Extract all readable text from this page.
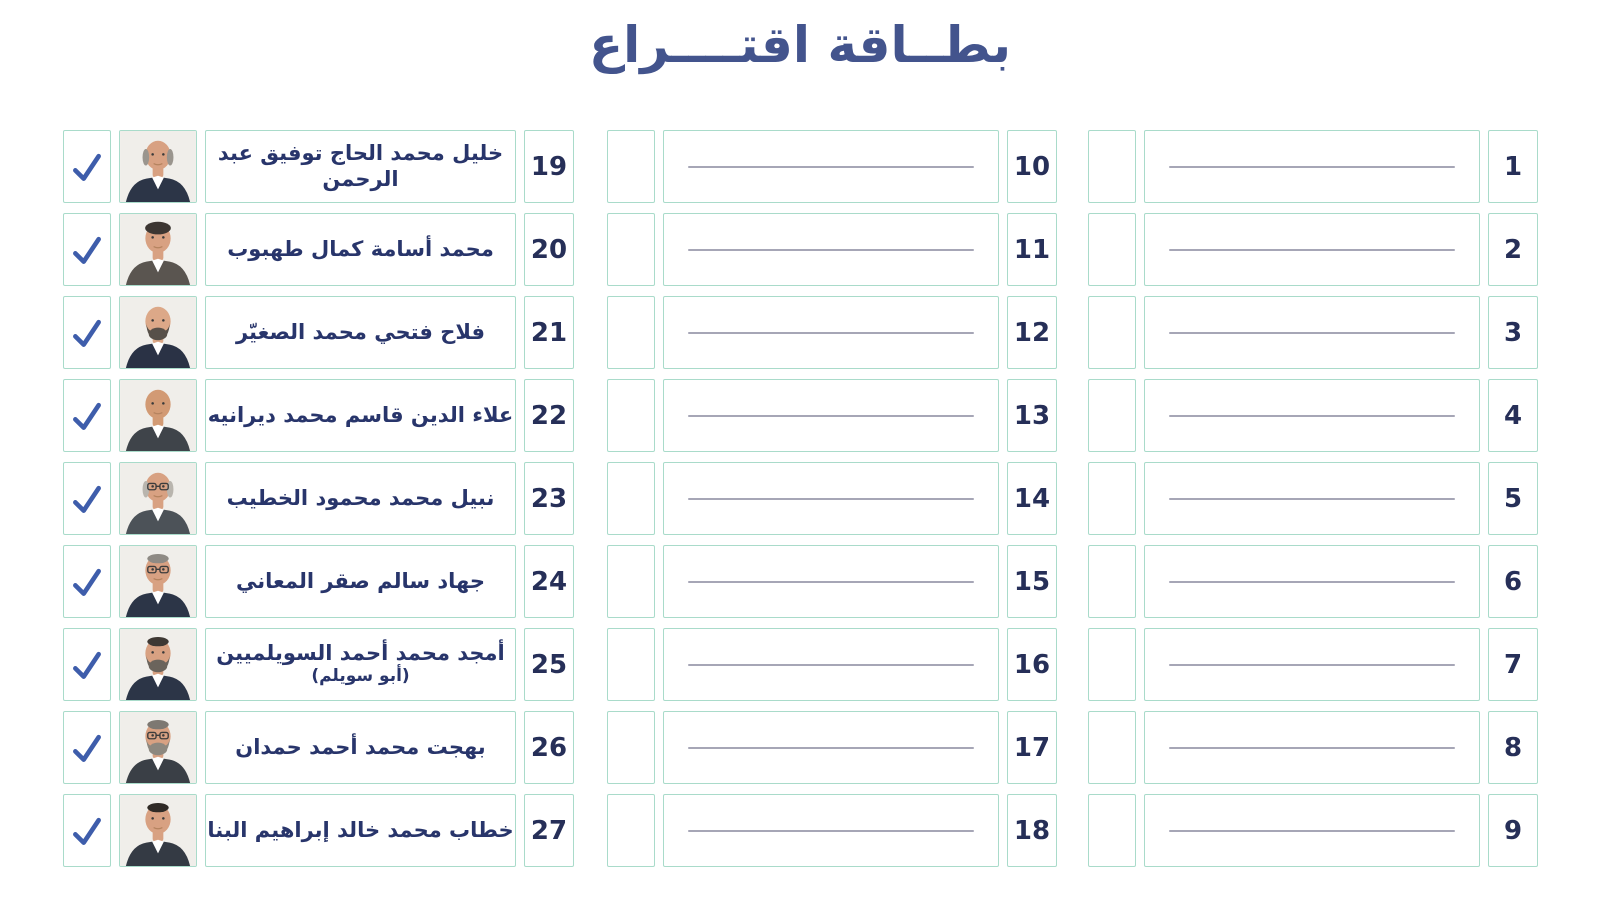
بطــاقة اقتــــراع
1
2
3
4
5
6
7
8
9
10
11
12
13
14
15
16
17
18
19
خليل محمد الحاج توفيق عبد الرحمن
20
محمد أسامة كمال طهبوب
21
فلاح فتحي محمد الصغيّر
22
علاء الدين قاسم محمد ديرانيه
23
نبيل محمد محمود الخطيب
24
جهاد سالم صقر المعاني
25
أمجد محمد أحمد السويلميين
(أبو سويلم)
26
بهجت محمد أحمد حمدان
27
خطاب محمد خالد إبراهيم البنا
